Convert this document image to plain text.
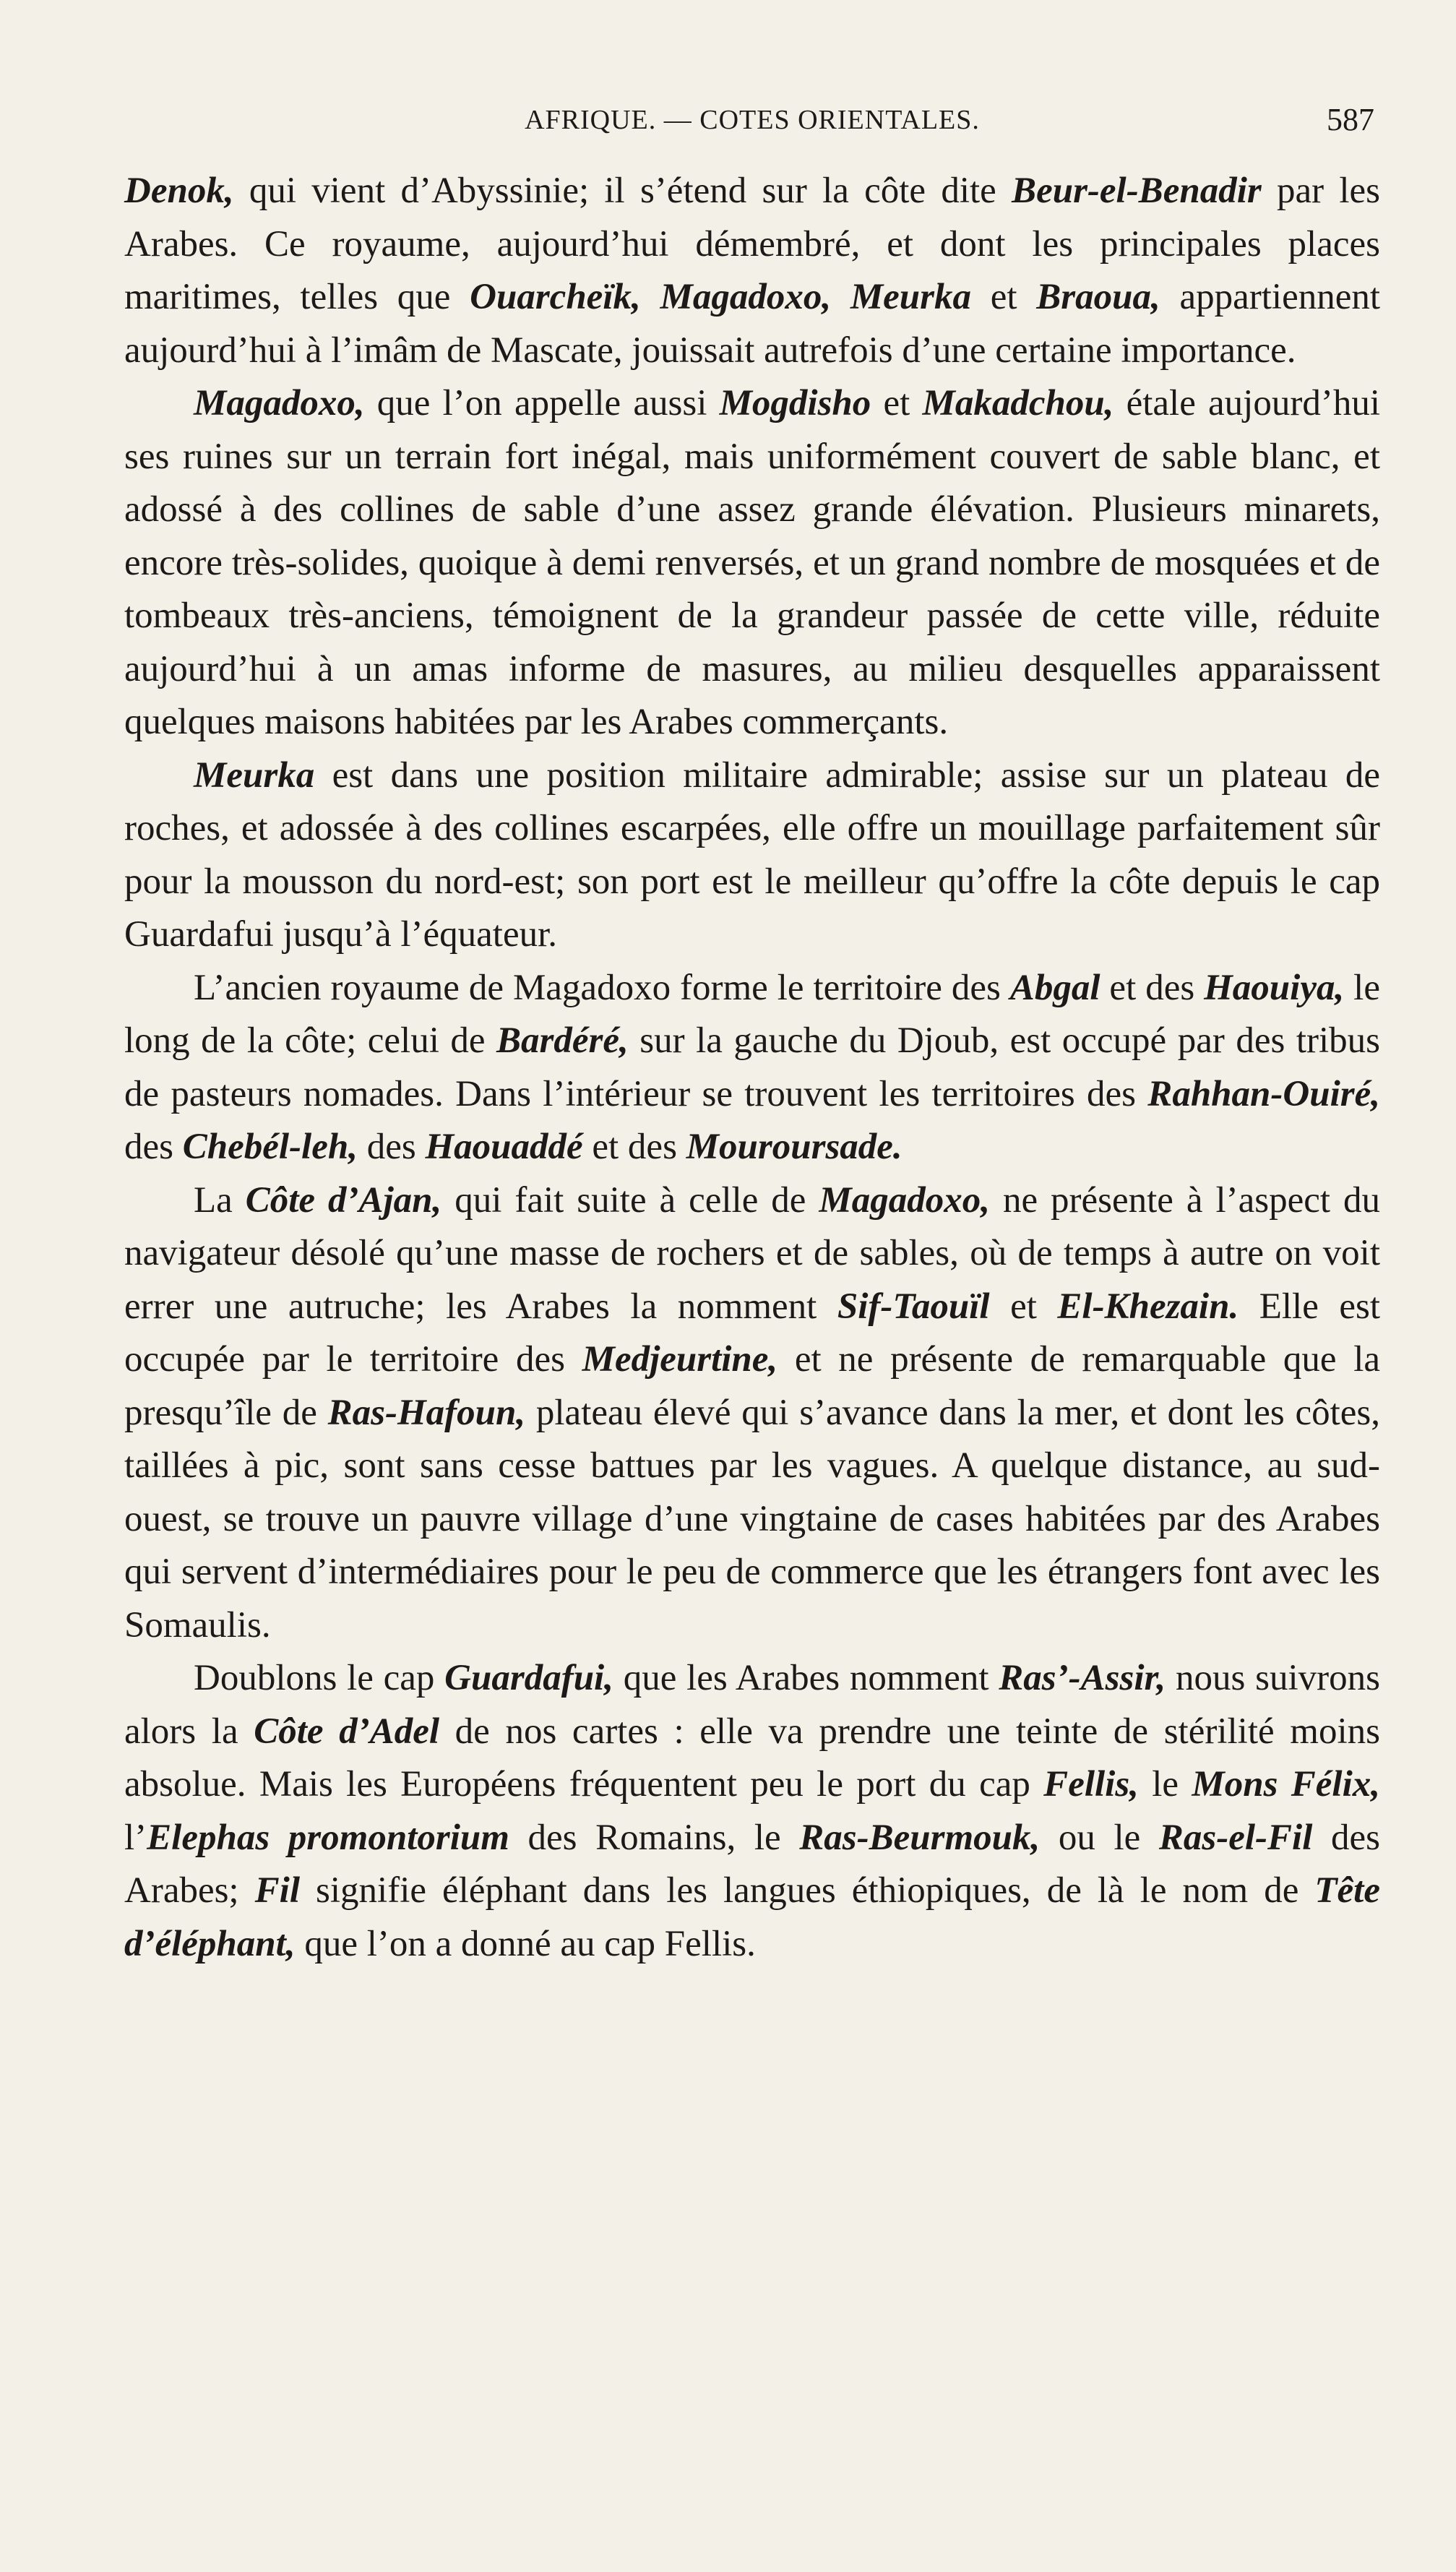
AFRIQUE. — COTES ORIENTALES.	587

Denok, qui vient d’Abyssinie; il s’étend sur la côte dite Beur-el-Benadir par les Arabes. Ce royaume, aujourd’hui démembré, et dont les principales places maritimes, telles que Ouarcheïk, Magadoxo, Meurka et Braoua, appartiennent aujourd’hui à l’imâm de Mascate, jouissait autrefois d’une certaine importance.

Magadoxo, que l’on appelle aussi Mogdisho et Makadchou, étale aujourd’hui ses ruines sur un terrain fort inégal, mais uniformément couvert de sable blanc, et adossé à des collines de sable d’une assez grande élévation. Plusieurs minarets, encore très-solides, quoique à demi renversés, et un grand nombre de mosquées et de tombeaux très-anciens, témoignent de la grandeur passée de cette ville, réduite aujourd’hui à un amas informe de masures, au milieu desquelles apparaissent quelques maisons habitées par les Arabes commerçants.

Meurka est dans une position militaire admirable; assise sur un plateau de roches, et adossée à des collines escarpées, elle offre un mouillage parfaitement sûr pour la mousson du nord-est; son port est le meilleur qu’offre la côte depuis le cap Guardafui jusqu’à l’équateur.

L’ancien royaume de Magadoxo forme le territoire des Abgal et des Haouiya, le long de la côte; celui de Bardéré, sur la gauche du Djoub, est occupé par des tribus de pasteurs nomades. Dans l’intérieur se trouvent les territoires des Rahhan-Ouiré, des Chebél-leh, des Haouaddé et des Mouroursade.

La Côte d’Ajan, qui fait suite à celle de Magadoxo, ne présente à l’aspect du navigateur désolé qu’une masse de rochers et de sables, où de temps à autre on voit errer une autruche; les Arabes la nomment Sif-Taouïl et El-Khezain. Elle est occupée par le territoire des Medjeurtine, et ne présente de remarquable que la presqu’île de Ras-Hafoun, plateau élevé qui s’avance dans la mer, et dont les côtes, taillées à pic, sont sans cesse battues par les vagues. A quelque distance, au sud-ouest, se trouve un pauvre village d’une vingtaine de cases habitées par des Arabes qui servent d’intermédiaires pour le peu de commerce que les étrangers font avec les Somaulis.

Doublons le cap Guardafui, que les Arabes nomment Ras’-Assir, nous suivrons alors la Côte d’Adel de nos cartes : elle va prendre une teinte de stérilité moins absolue. Mais les Européens fréquentent peu le port du cap Fellis, le Mons Félix, l’Elephas promontorium des Romains, le Ras-Beurmouk, ou le Ras-el-Fil des Arabes; Fil signifie éléphant dans les langues éthiopiques, de là le nom de Tête d’éléphant, que l’on a donné au cap Fellis.
